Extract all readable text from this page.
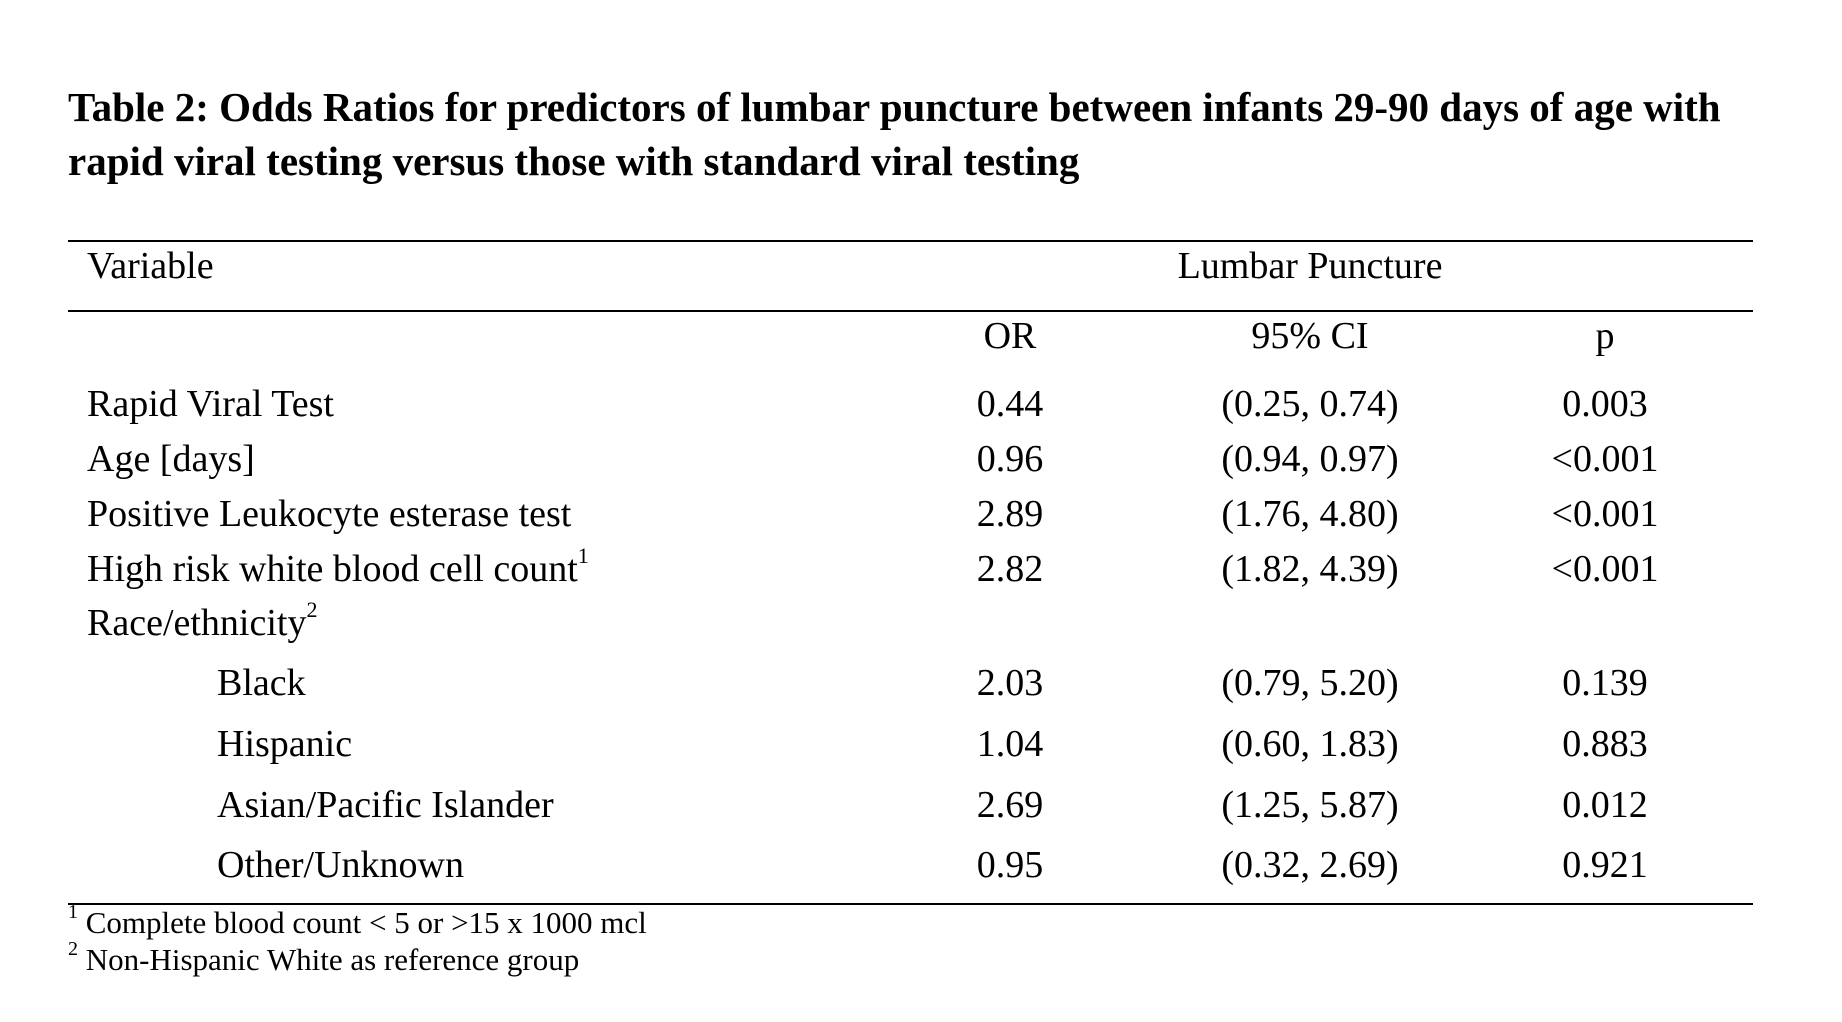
Table 2: Odds Ratios for predictors of lumbar puncture between infants 29-90 days of age with rapid viral testing versus those with standard viral testing
Variable	Lumbar Puncture
OR	95% CI	p
Rapid Viral Test	0.44	(0.25, 0.74)	0.003
Age [days]	0.96	(0.94, 0.97)	<0.001
Positive Leukocyte esterase test	2.89	(1.76, 4.80)	<0.001
High risk white blood cell count$^1$	2.82	(1.82, 4.39)	<0.001
Race/ethnicity$^2$
Black	2.03	(0.79, 5.20)	0.139
Hispanic	1.04	(0.60, 1.83)	0.883
Asian/Pacific Islander	2.69	(1.25, 5.87)	0.012
Other/Unknown	0.95	(0.32, 2.69)	0.921
$^1$ Complete blood count < 5 or >15 x 1000 mcl
$^2$ Non-Hispanic White as reference group
